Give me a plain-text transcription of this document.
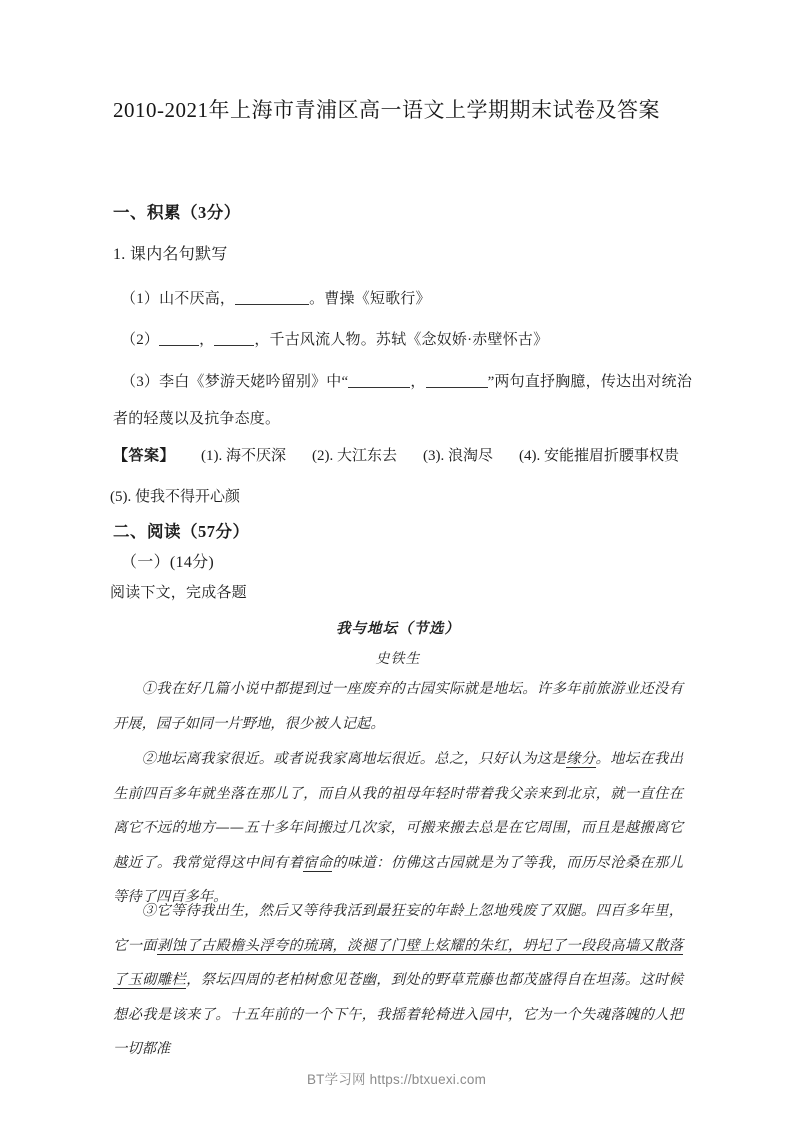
2010-2021年上海市青浦区高一语文上学期期末试卷及答案
一、积累（3分）
1. 课内名句默写
（1）山不厌高，	。曹操《短歌行》
（2）	，	，千古风流人物。苏轼《念奴娇·赤壁怀古》
（3）李白《梦游天姥吟留别》中“	，	”两句直抒胸臆，传达出对统治
者的轻蔑以及抗争态度。
【答案】 (1). 海不厌深 (2). 大江东去 (3). 浪淘尽 (4). 安能摧眉折腰事权贵
(5). 使我不得开心颜
二、阅读（57分）
（一）(14分)
阅读下文，完成各题
我与地坛（节选）
史铁生

①我在好几篇小说中都提到过一座废弃的古园实际就是地坛。许多年前旅游业还没有开展，园子如同一片野地，很少被人记起。

②地坛离我家很近。或者说我家离地坛很近。总之，只好认为这是缘分。地坛在我出生前四百多年就坐落在那儿了，而自从我的祖母年轻时带着我父亲来到北京，就一直住在离它不远的地方——五十多年间搬过几次家，可搬来搬去总是在它周围，而且是越搬离它越近了。我常觉得这中间有着宿命的味道：仿佛这古园就是为了等我，而历尽沧桑在那儿等待了四百多年。

③它等待我出生，然后又等待我活到最狂妄的年龄上忽地残废了双腿。四百多年里，它一面剥蚀了古殿檐头浮夸的琉璃，淡褪了门壁上炫耀的朱红，坍圮了一段段高墙又散落了玉砌雕栏，祭坛四周的老柏树愈见苍幽，到处的野草荒藤也都茂盛得自在坦荡。这时候想必我是该来了。十五年前的一个下午，我摇着轮椅进入园中，它为一个失魂落魄的人把一切都准

BT学习网 https://btxuexi.com
